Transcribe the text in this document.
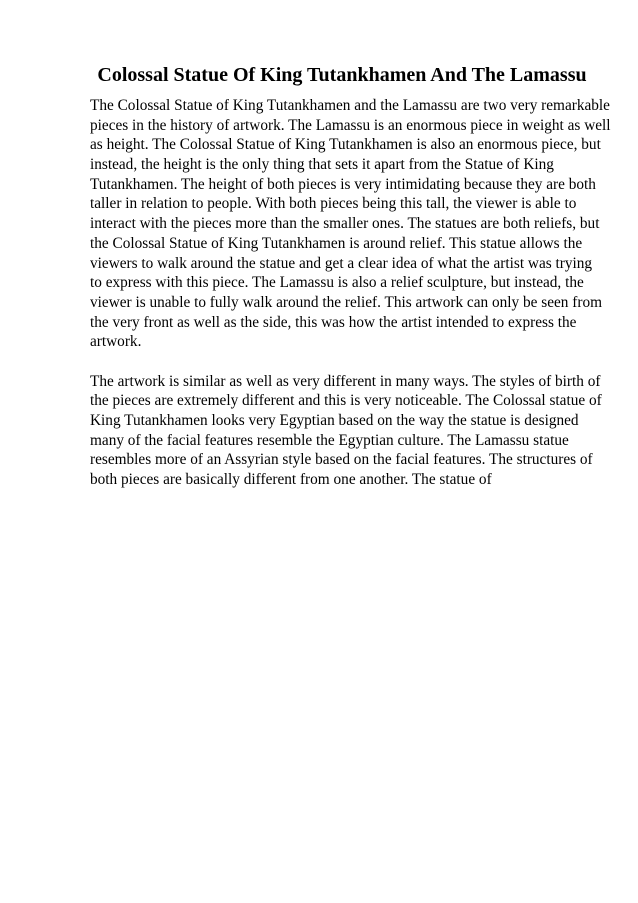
Colossal Statue Of King Tutankhamen And The Lamassu
The Colossal Statue of King Tutankhamen and the Lamassu are two very remarkable
pieces in the history of artwork. The Lamassu is an enormous piece in weight as well
as height. The Colossal Statue of King Tutankhamen is also an enormous piece, but
instead, the height is the only thing that sets it apart from the Statue of King
Tutankhamen. The height of both pieces is very intimidating because they are both
taller in relation to people. With both pieces being this tall, the viewer is able to
interact with the pieces more than the smaller ones. The statues are both reliefs, but
the Colossal Statue of King Tutankhamen is around relief. This statue allows the
viewers to walk around the statue and get a clear idea of what the artist was trying
to express with this piece. The Lamassu is also a relief sculpture, but instead, the
viewer is unable to fully walk around the relief. This artwork can only be seen from
the very front as well as the side, this was how the artist intended to express the
artwork.
The artwork is similar as well as very different in many ways. The styles of birth of
the pieces are extremely different and this is very noticeable. The Colossal statue of
King Tutankhamen looks very Egyptian based on the way the statue is designed
many of the facial features resemble the Egyptian culture. The Lamassu statue
resembles more of an Assyrian style based on the facial features. The structures of
both pieces are basically different from one another. The statue of
